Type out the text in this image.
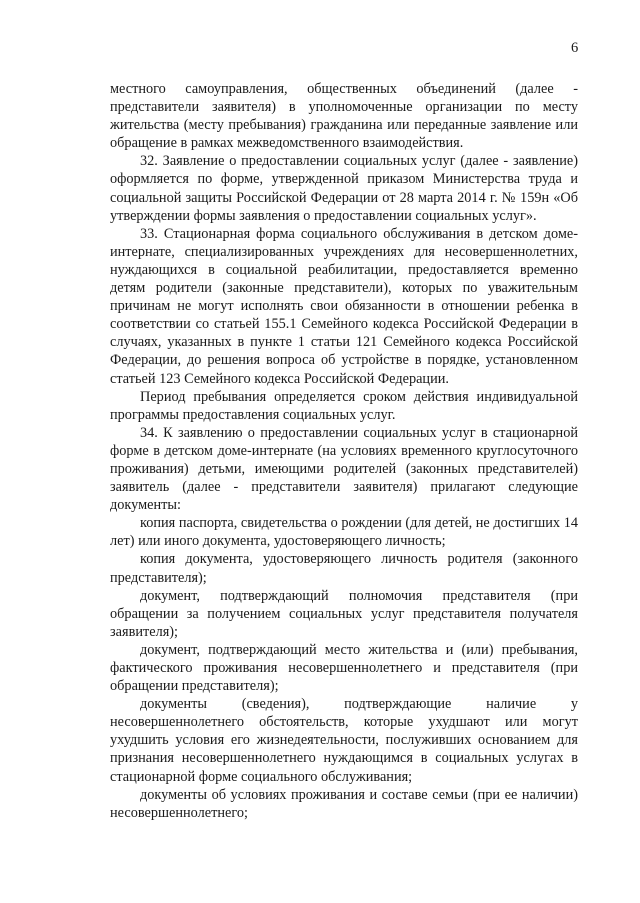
6

местного самоуправления, общественных объединений (далее - представители заявителя) в уполномоченные организации по месту жительства (месту пребывания) гражданина или переданные заявление или обращение в рамках межведомственного взаимодействия.

32. Заявление о предоставлении социальных услуг (далее - заявление) оформляется по форме, утвержденной приказом Министерства труда и социальной защиты Российской Федерации от 28 марта 2014 г. № 159н «Об утверждении формы заявления о предоставлении социальных услуг».

33. Стационарная форма социального обслуживания в детском доме-интернате, специализированных учреждениях для несовершеннолетних, нуждающихся в социальной реабилитации, предоставляется временно детям родители (законные представители), которых по уважительным причинам не могут исполнять свои обязанности в отношении ребенка в соответствии со статьей 155.1 Семейного кодекса Российской Федерации в случаях, указанных в пункте 1 статьи 121 Семейного кодекса Российской Федерации, до решения вопроса об устройстве в порядке, установленном статьей 123 Семейного кодекса Российской Федерации.

Период пребывания определяется сроком действия индивидуальной программы предоставления социальных услуг.

34. К заявлению о предоставлении социальных услуг в стационарной форме в детском доме-интернате (на условиях временного круглосуточного проживания) детьми, имеющими родителей (законных представителей) заявитель (далее - представители заявителя) прилагают следующие документы:

копия паспорта, свидетельства о рождении (для детей, не достигших 14 лет) или иного документа, удостоверяющего личность;

копия документа, удостоверяющего личность родителя (законного представителя);

документ, подтверждающий полномочия представителя (при обращении за получением социальных услуг представителя получателя заявителя);

документ, подтверждающий место жительства и (или) пребывания, фактического проживания несовершеннолетнего и представителя (при обращении представителя);

документы (сведения), подтверждающие наличие у несовершеннолетнего обстоятельств, которые ухудшают или могут ухудшить условия его жизнедеятельности, послуживших основанием для признания несовершеннолетнего нуждающимся в социальных услугах в стационарной форме социального обслуживания;

документы об условиях проживания и составе семьи (при ее наличии) несовершеннолетнего;
